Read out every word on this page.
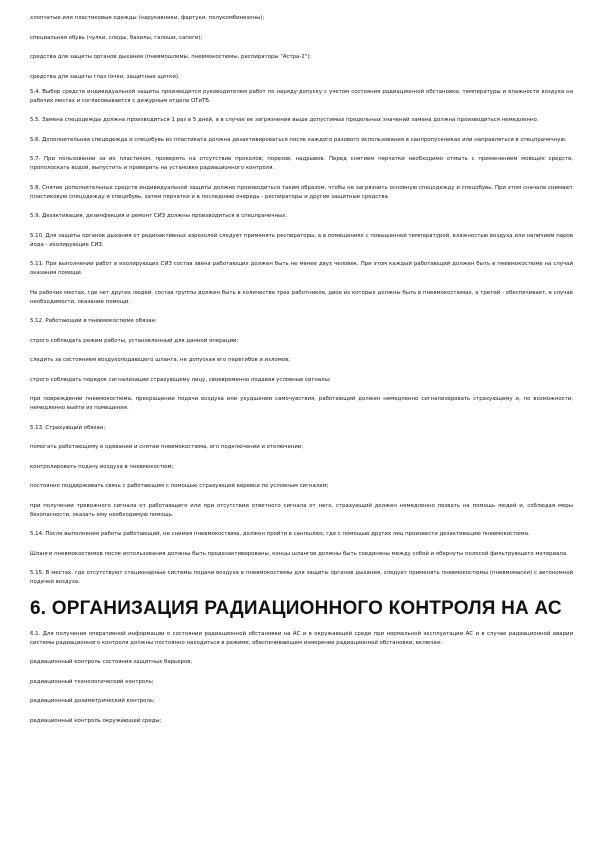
хлопчатые или пластиковые одежды (нарукавники, фартуки, полукомбинезоны);

специальная обувь (чулки, следы, бахилы, галоши, сапоги);

средства для защиты органов дыхания (пневмошлемы, пневмокостюмы, респираторы "Астра-2");

средства для защиты глаз (очки, защитные щитки).

5.4. Выбор средств индивидуальной защиты производится руководителем работ по наряду-допуску с учетом состояния радиационной обстановки, температуры и влажности воздуха на рабочих местах и согласовывается с дежурным отдела ОТиТБ.

5.5. Замена спецодежды должна производиться 1 раз в 5 дней, а в случае ее загрязнения выше допустимых предельных значений замена должна производиться немедленно.

5.6. Дополнительная спецодежда и спецобувь из пластиката должна дезактивироваться после каждого разового использования в санпропускниках или направляться в спецпрачечную.

5.7. При пользовании за их пластиком, проверять на отсутствие проколов, порезов, надрывов. Перед снятием перчатки необходимо отмыть с применением моющих средств, прополоскать водой, выпустить и проверить на установке радиационного контроля.

5.8. Снятие дополнительных средств индивидуальной защиты должно производиться таким образом, чтобы не загрязнить основную спецодежду и спецобувь. При этом сначала снимают пластиковую спецодежду и спецобувь, затем перчатки и в последнюю очередь - респираторы и другие защитные средства.

5.9. Дезактивация, дезинфекция и ремонт СИЗ должны производиться в спецпрачечных.

5.10. Для защиты органов дыхания от радиоактивных аэрозолей следует применять респираторы, а в помещениях с повышенной температурой, влажностью воздуха или наличием паров йода - изолирующие СИЗ.

5.11. При выполнении работ в изолирующих СИЗ состав звена работающих должен быть не менее двух человек. При этом каждый работающий должен быть в пневмокостюме на случай оказания помощи.

На рабочих местах, где нет других людей, состав группы должен быть в количестве трех работников, двое из которых должны быть в пневмокостюмах, а третий - обеспечивает, в случае необходимости, оказание помощи.

5.12. Работающий в пневмокостюме обязан:

строго соблюдать режим работы, установленный для данной операции;

следить за состоянием воздухоподающего шланга, не допуская его перегибов и изломов;

строго соблюдать порядок сигнализации страхующему лицу, своевременно подавая условные сигналы;

при повреждении пневмокостюма, прекращении подачи воздуха или ухудшении самочувствия, работающий должен немедленно сигнализировать страхующему и, по возможности, немедленно выйти из помещения.

5.13. Страхующий обязан:

помогать работающему в одевании и снятии пневмокостюма, его подключении и отключении;

контролировать подачу воздуха в пневмокостюм;

постоянно поддерживать связь с работающим с помощью страхующей веревки по условным сигналам;

при получении тревожного сигнала от работающего или при отсутствии ответного сигнала от него, страхующий должен немедленно позвать на помощь людей и, соблюдая меры безопасности, оказать ему необходимую помощь.

5.14. После выполнения работы работающий, не снимая пневмокостюма, должен пройти в санпшлюз, где с помощью других лиц произвести дезактивацию пневмокостюма.

Шланги пневмокостюмов после использования должны быть продезактивированы, концы шлангов должны быть соединены между собой и обернуты полосой фильтрующего материала.

5.15. В местах, где отсутствуют стационарные системы подачи воздуха в пневмокостюмы для защиты органов дыхания, следует применять пневмокостюмы (пневмомаски) с автономной подачей воздуха.

6. ОРГАНИЗАЦИЯ РАДИАЦИОННОГО КОНТРОЛЯ НА АС

6.1. Для получения оперативной информации о состоянии радиационной обстановки на АС и в окружающей среде при нормальной эксплуатации АС и в случае радиационной аварии системы радиационного контроля должны постоянно находиться в режиме, обеспечивающем измерение радиационной обстановки, включая:

радиационный контроль состояния защитных барьеров;

радиационный технологический контроль;

радиационный дозиметрический контроль;

радиационный контроль окружающей среды;
